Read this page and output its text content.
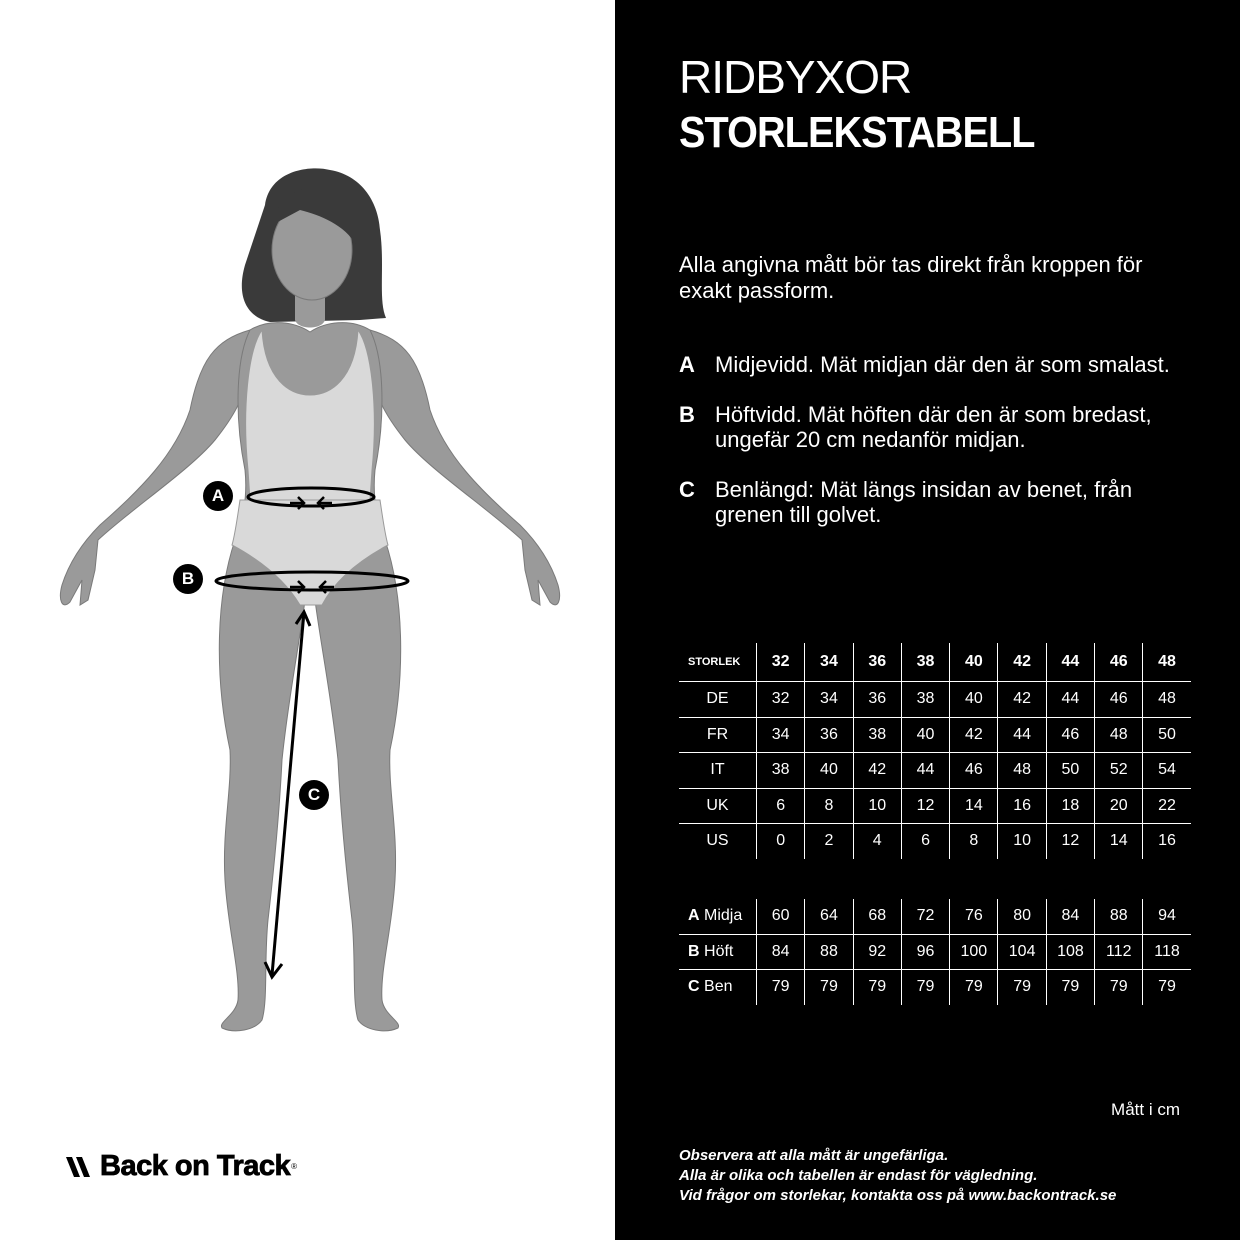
A
B
C
Back on Track ®
RIDBYXOR
STORLEKSTABELL
Alla angivna mått bör tas direkt från kroppen för exakt passform.
A Midjevidd. Mät midjan där den är som smalast.
B Höftvidd. Mät höften där den är som bredast, ungefär 20 cm nedanför midjan.
C Benlängd: Mät längs insidan av benet, från grenen till golvet.
STORLEK	32	34	36	38	40	42	44	46	48
DE	32	34	36	38	40	42	44	46	48
FR	34	36	38	40	42	44	46	48	50
IT	38	40	42	44	46	48	50	52	54
UK	6	8	10	12	14	16	18	20	22
US	0	2	4	6	8	10	12	14	16
A Midja	60	64	68	72	76	80	84	88	94
B Höft	84	88	92	96	100	104	108	112	118
C Ben	79	79	79	79	79	79	79	79	79
Mått i cm
Observera att alla mått är ungefärliga.
Alla är olika och tabellen är endast för vägledning.
Vid frågor om storlekar, kontakta oss på www.backontrack.se
